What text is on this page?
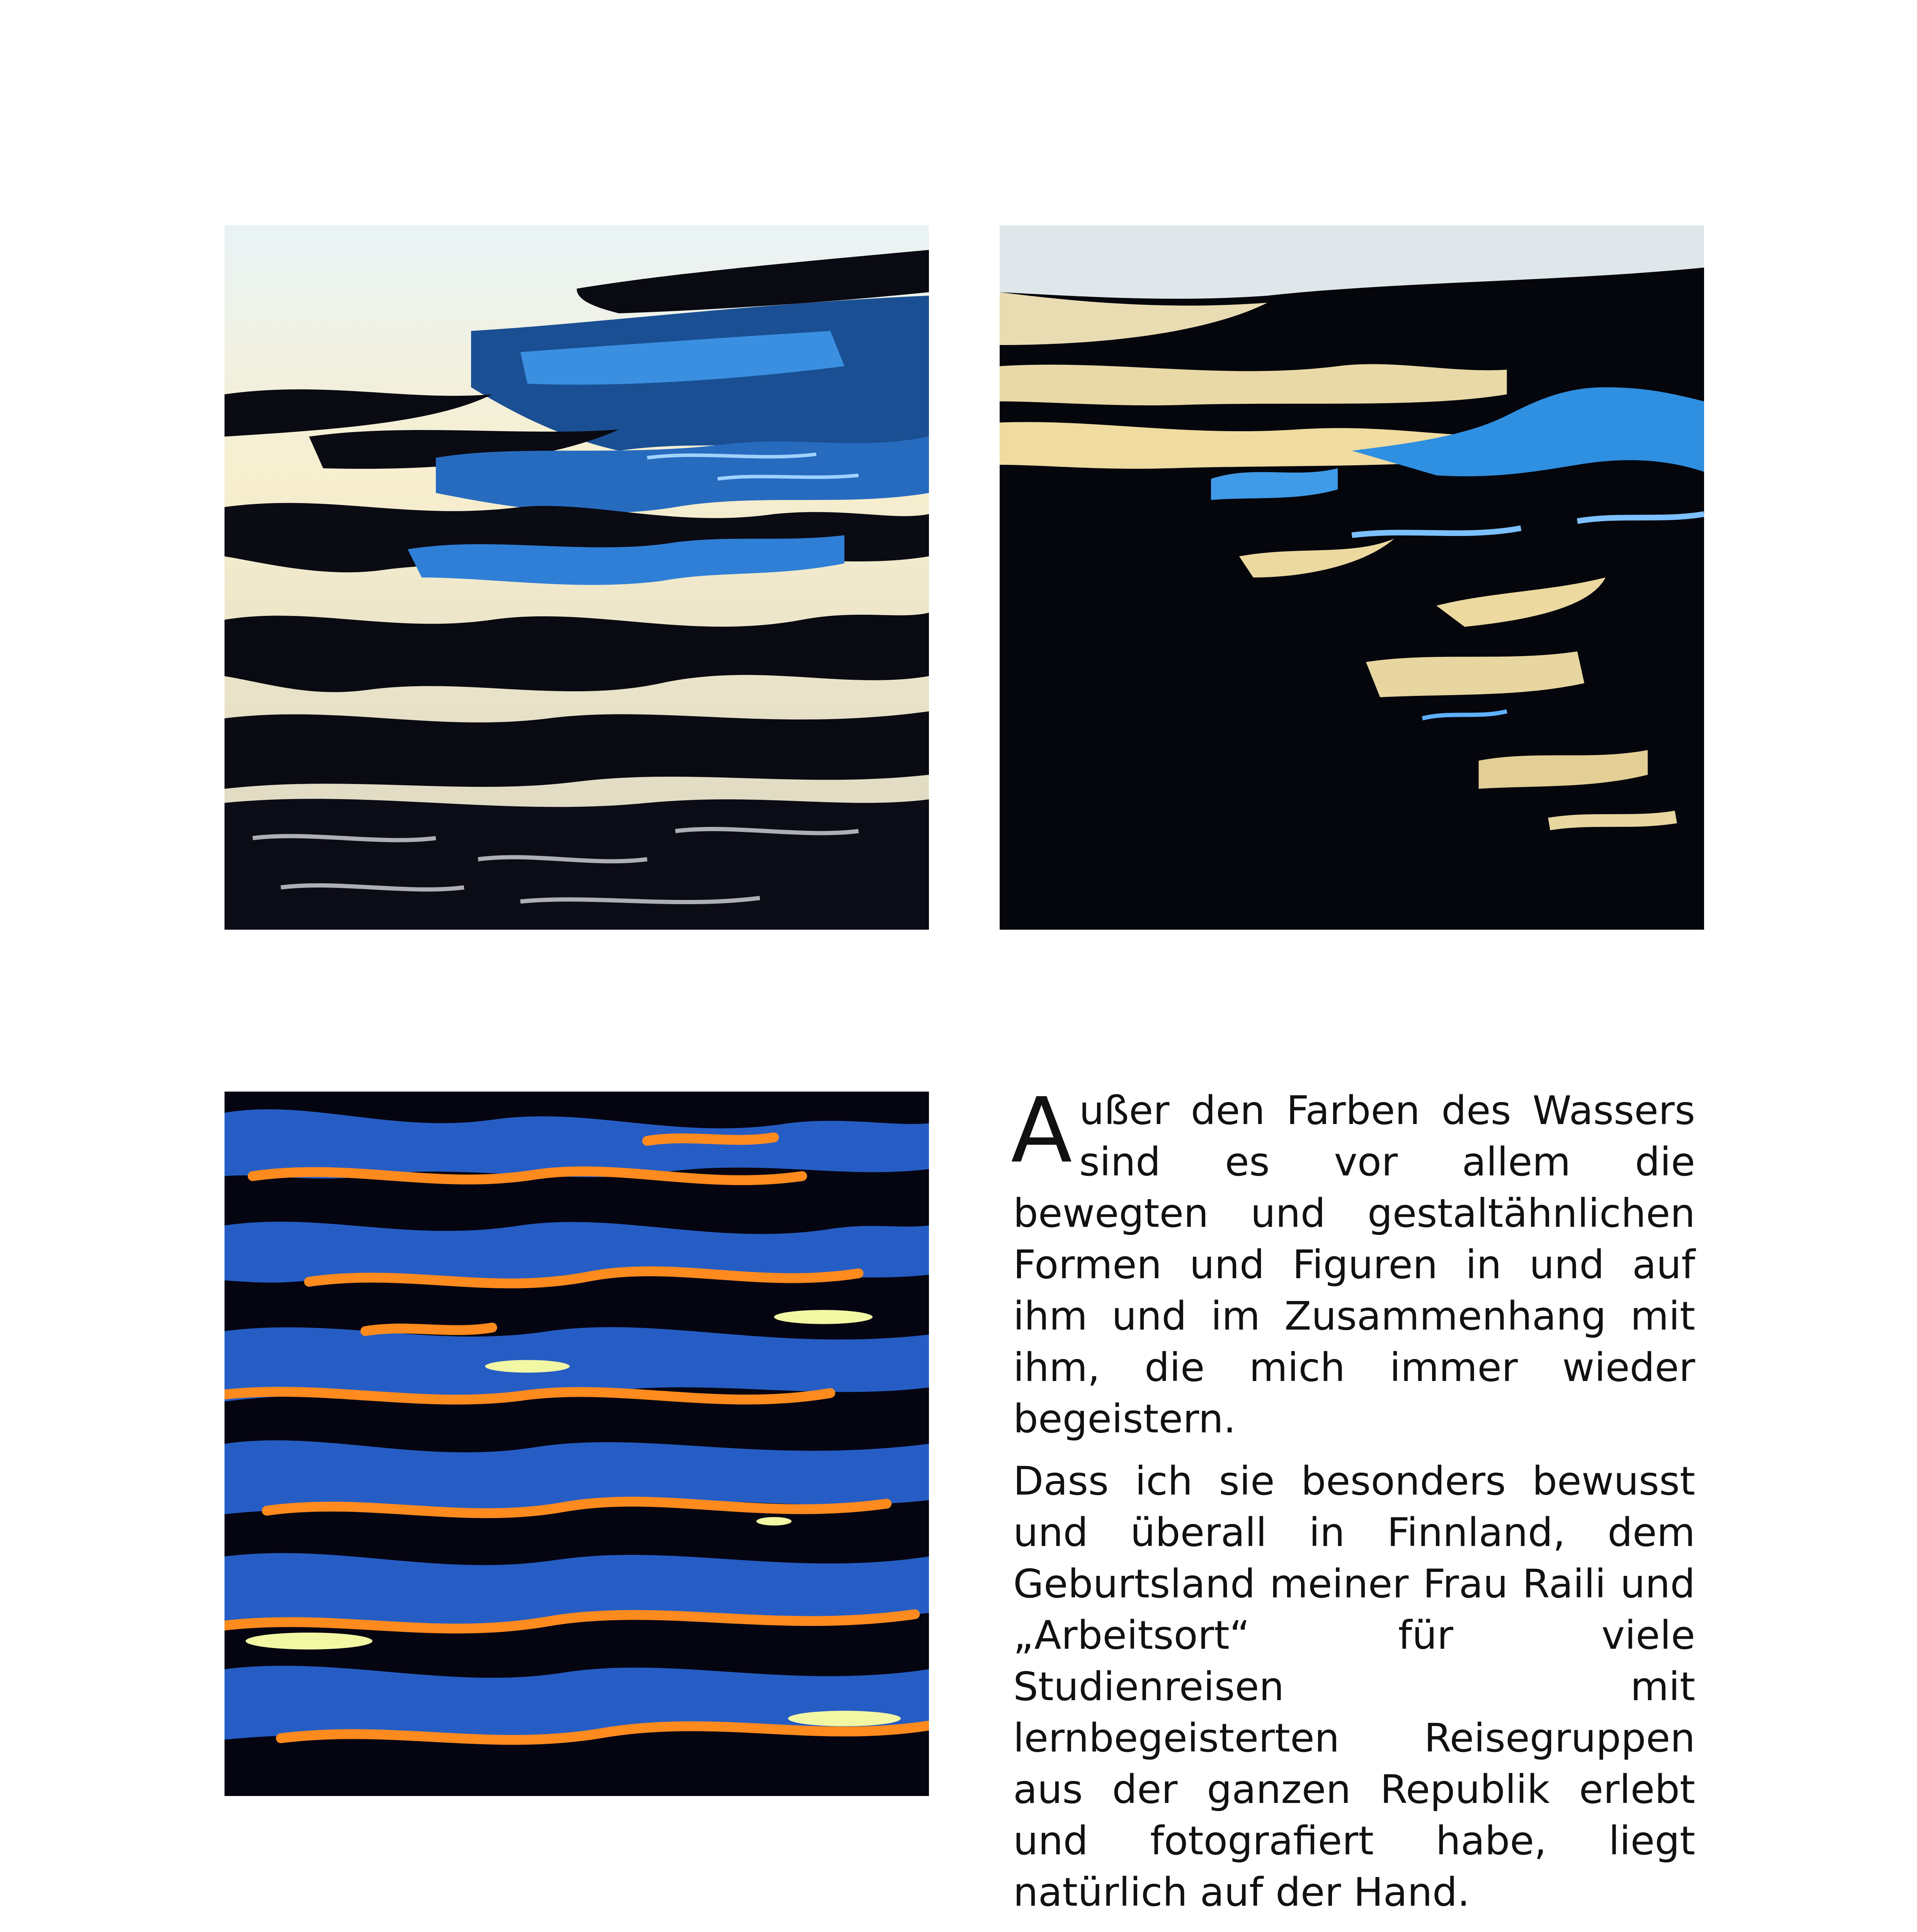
Außer den Farben des Wassers sind es vor allem die bewegten und gestaltähnlichen Formen und Figuren in und auf ihm und im Zusammenhang mit ihm, die mich immer wieder begeistern.

Dass ich sie besonders bewusst und überall in Finnland, dem Geburtsland meiner Frau Raili und „Arbeitsort“ für viele Studienreisen mit lernbegeisterten Reisegruppen aus der ganzen Republik erlebt und fotografiert habe, liegt natürlich auf der Hand.
